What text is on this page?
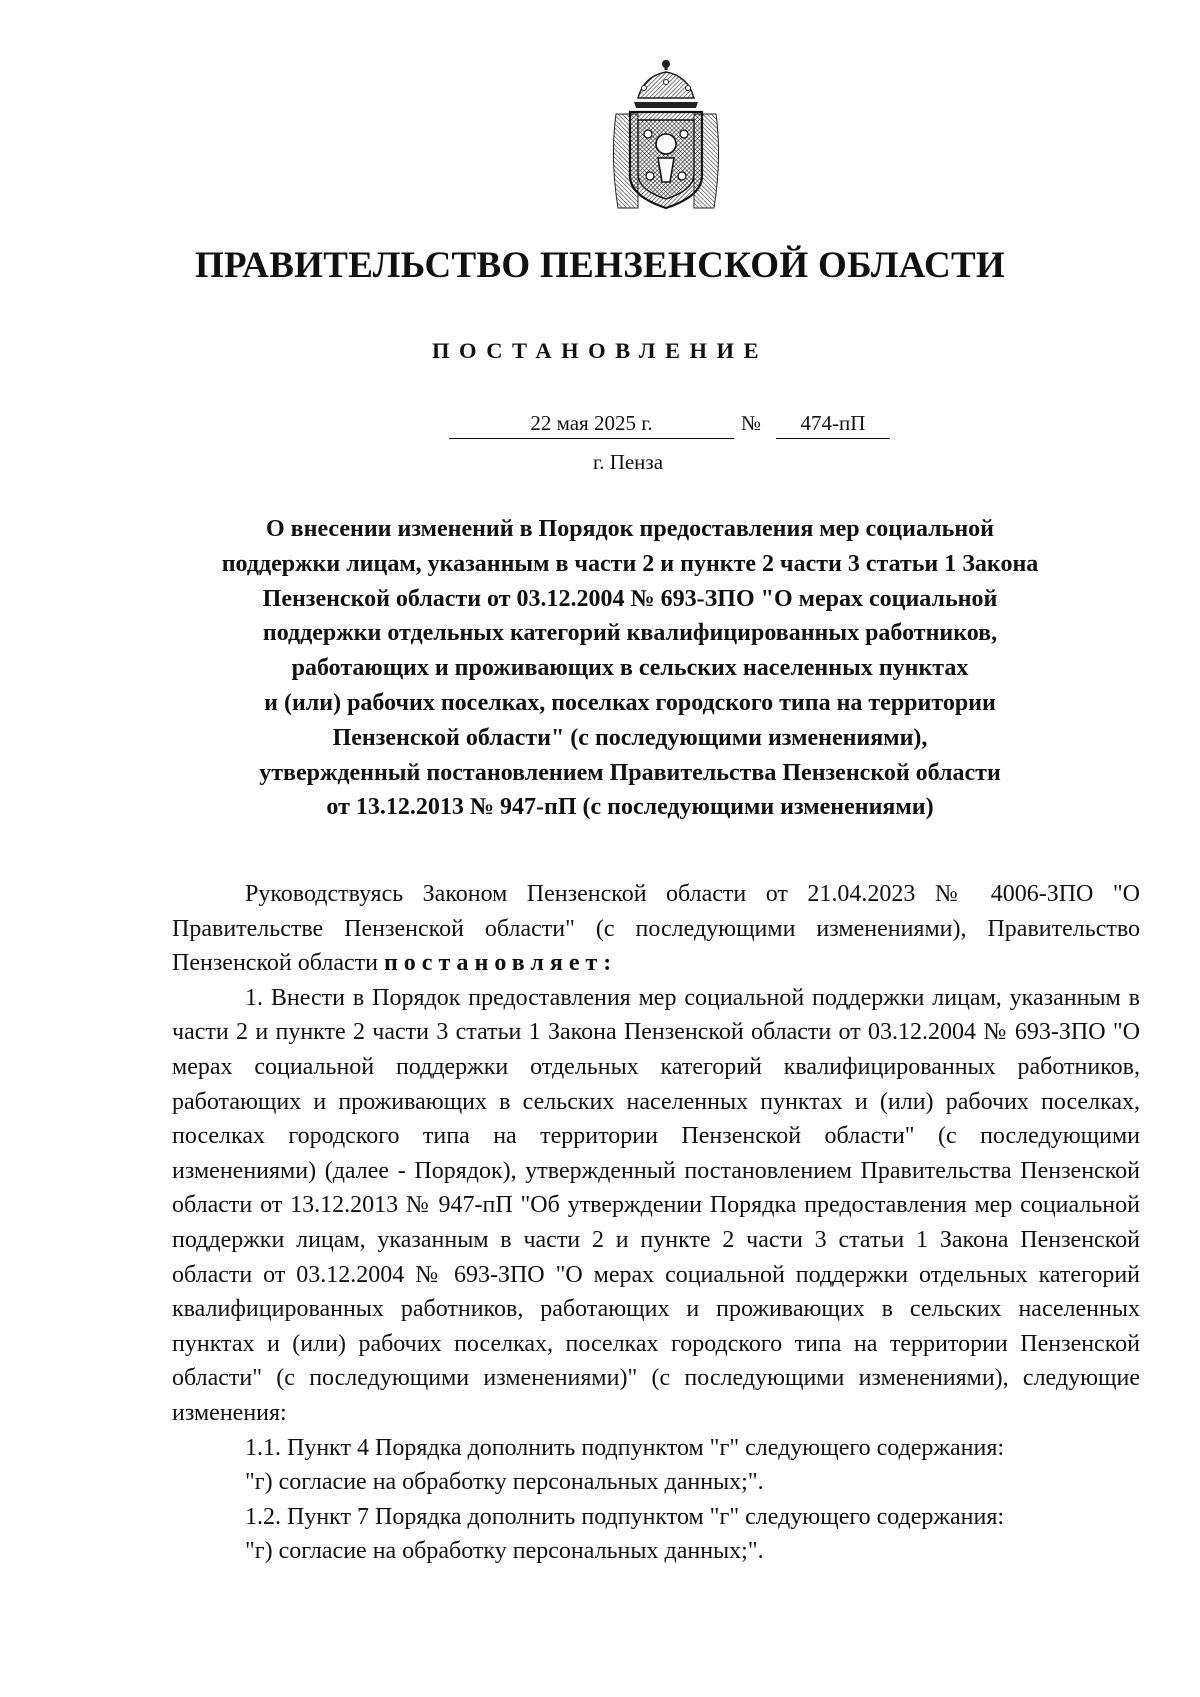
ПРАВИТЕЛЬСТВО ПЕНЗЕНСКОЙ ОБЛАСТИ
ПОСТАНОВЛЕНИЕ
22 мая 2025 г.	№	474-пП
г. Пенза
О внесении изменений в Порядок предоставления мер социальной
поддержки лицам, указанным в части 2 и пункте 2 части 3 статьи 1 Закона
Пензенской области от 03.12.2004 № 693-ЗПО "О мерах социальной
поддержки отдельных категорий квалифицированных работников,
работающих и проживающих в сельских населенных пунктах
и (или) рабочих поселках, поселках городского типа на территории
Пензенской области" (с последующими изменениями),
утвержденный постановлением Правительства Пензенской области
от 13.12.2013 № 947-пП (с последующими изменениями)

Руководствуясь Законом Пензенской области от 21.04.2023 № 4006-ЗПО "О Правительстве Пензенской области" (с последующими изменениями), Правительство Пензенской области постановляет:

1. Внести в Порядок предоставления мер социальной поддержки лицам, указанным в части 2 и пункте 2 части 3 статьи 1 Закона Пензенской области от 03.12.2004 № 693-ЗПО "О мерах социальной поддержки отдельных категорий квалифицированных работников, работающих и проживающих в сельских населенных пунктах и (или) рабочих поселках, поселках городского типа на территории Пензенской области" (с последующими изменениями) (далее - Порядок), утвержденный постановлением Правительства Пензенской области от 13.12.2013 № 947-пП "Об утверждении Порядка предоставления мер социальной поддержки лицам, указанным в части 2 и пункте 2 части 3 статьи 1 Закона Пензенской области от 03.12.2004 № 693-ЗПО "О мерах социальной поддержки отдельных категорий квалифицированных работников, работающих и проживающих в сельских населенных пунктах и (или) рабочих поселках, поселках городского типа на территории Пензенской области" (с последующими изменениями)" (с последующими изменениями), следующие изменения:

1.1. Пункт 4 Порядка дополнить подпунктом "г" следующего содержания:

"г) согласие на обработку персональных данных;".

1.2. Пункт 7 Порядка дополнить подпунктом "г" следующего содержания:

"г) согласие на обработку персональных данных;".
